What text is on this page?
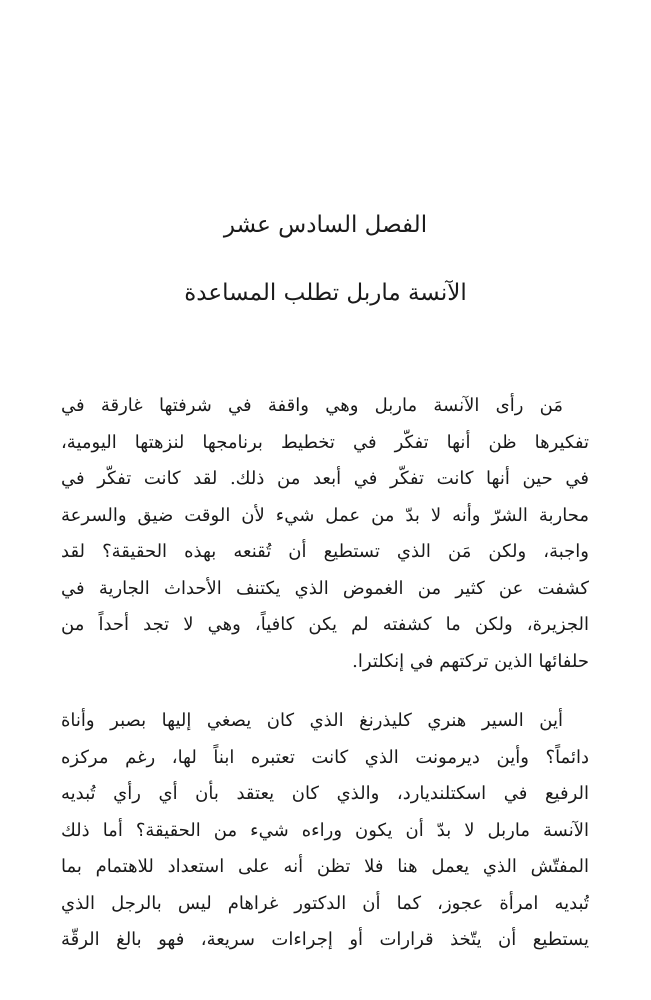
الفصل السادس عشر
الآنسة ماربل تطلب المساعدة
مَن رأى الآنسة ماربل وهي واقفة في شرفتها غارقة في
تفكيرها ظن أنها تفكّر في تخطيط برنامجها لنزهتها اليومية،
في حين أنها كانت تفكّر في أبعد من ذلك. لقد كانت تفكّر في
محاربة الشرّ وأنه لا بدّ من عمل شيء لأن الوقت ضيق والسرعة
واجبة، ولكن مَن الذي تستطيع أن تُقنعه بهذه الحقيقة؟ لقد
كشفت عن كثير من الغموض الذي يكتنف الأحداث الجارية في
الجزيرة، ولكن ما كشفته لم يكن كافياً، وهي لا تجد أحداً من
حلفائها الذين تركتهم في إنكلترا.
أين السير هنري كليذرنغ الذي كان يصغي إليها بصبر وأناة
دائماً؟ وأين ديرمونت الذي كانت تعتبره ابناً لها، رغم مركزه
الرفيع في اسكتلنديارد، والذي كان يعتقد بأن أي رأي تُبديه
الآنسة ماربل لا بدّ أن يكون وراءه شيء من الحقيقة؟ أما ذلك
المفتّش الذي يعمل هنا فلا تظن أنه على استعداد للاهتمام بما
تُبديه امرأة عجوز، كما أن الدكتور غراهام ليس بالرجل الذي
يستطيع أن يتّخذ قرارات أو إجراءات سريعة، فهو بالغ الرقّة
